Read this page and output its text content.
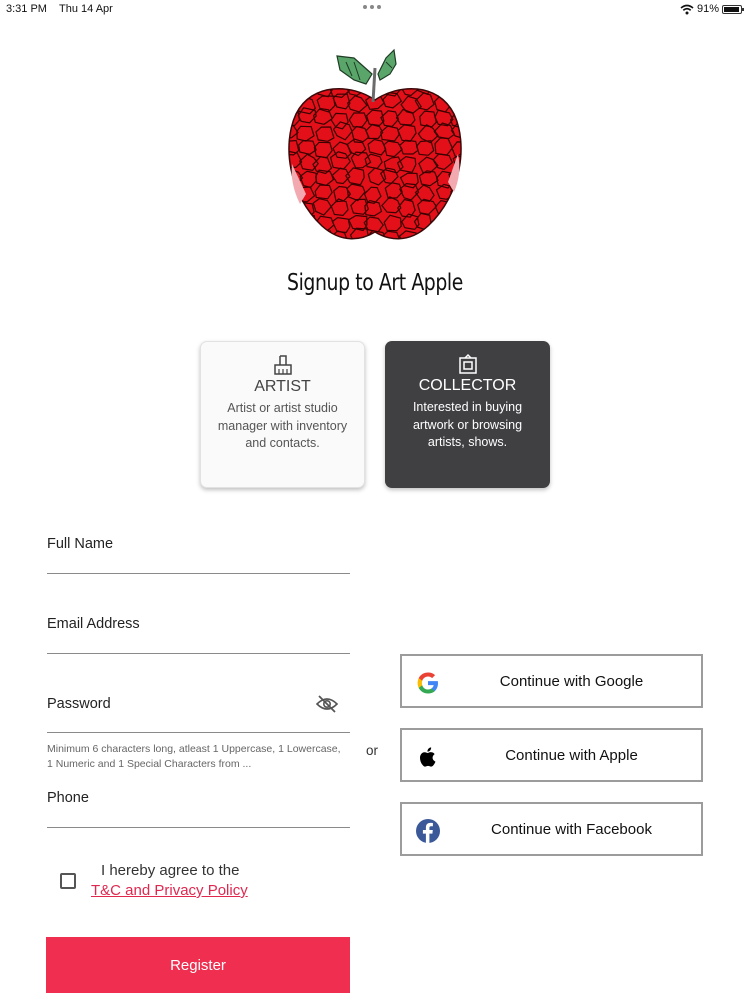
3:31 PM Thu 14 Apr	91%
Signup to Art Apple
ARTIST
Artist or artist studio manager with inventory and contacts.
COLLECTOR
Interested in buying artwork or browsing artists, shows.
Full Name
Email Address
Password
Minimum 6 characters long, atleast 1 Uppercase, 1 Lowercase, 1 Numeric and 1 Special Characters from ...
Phone
or
Continue with Google
Continue with Apple
Continue with Facebook
I hereby agree to the
T&C and Privacy Policy
Register
